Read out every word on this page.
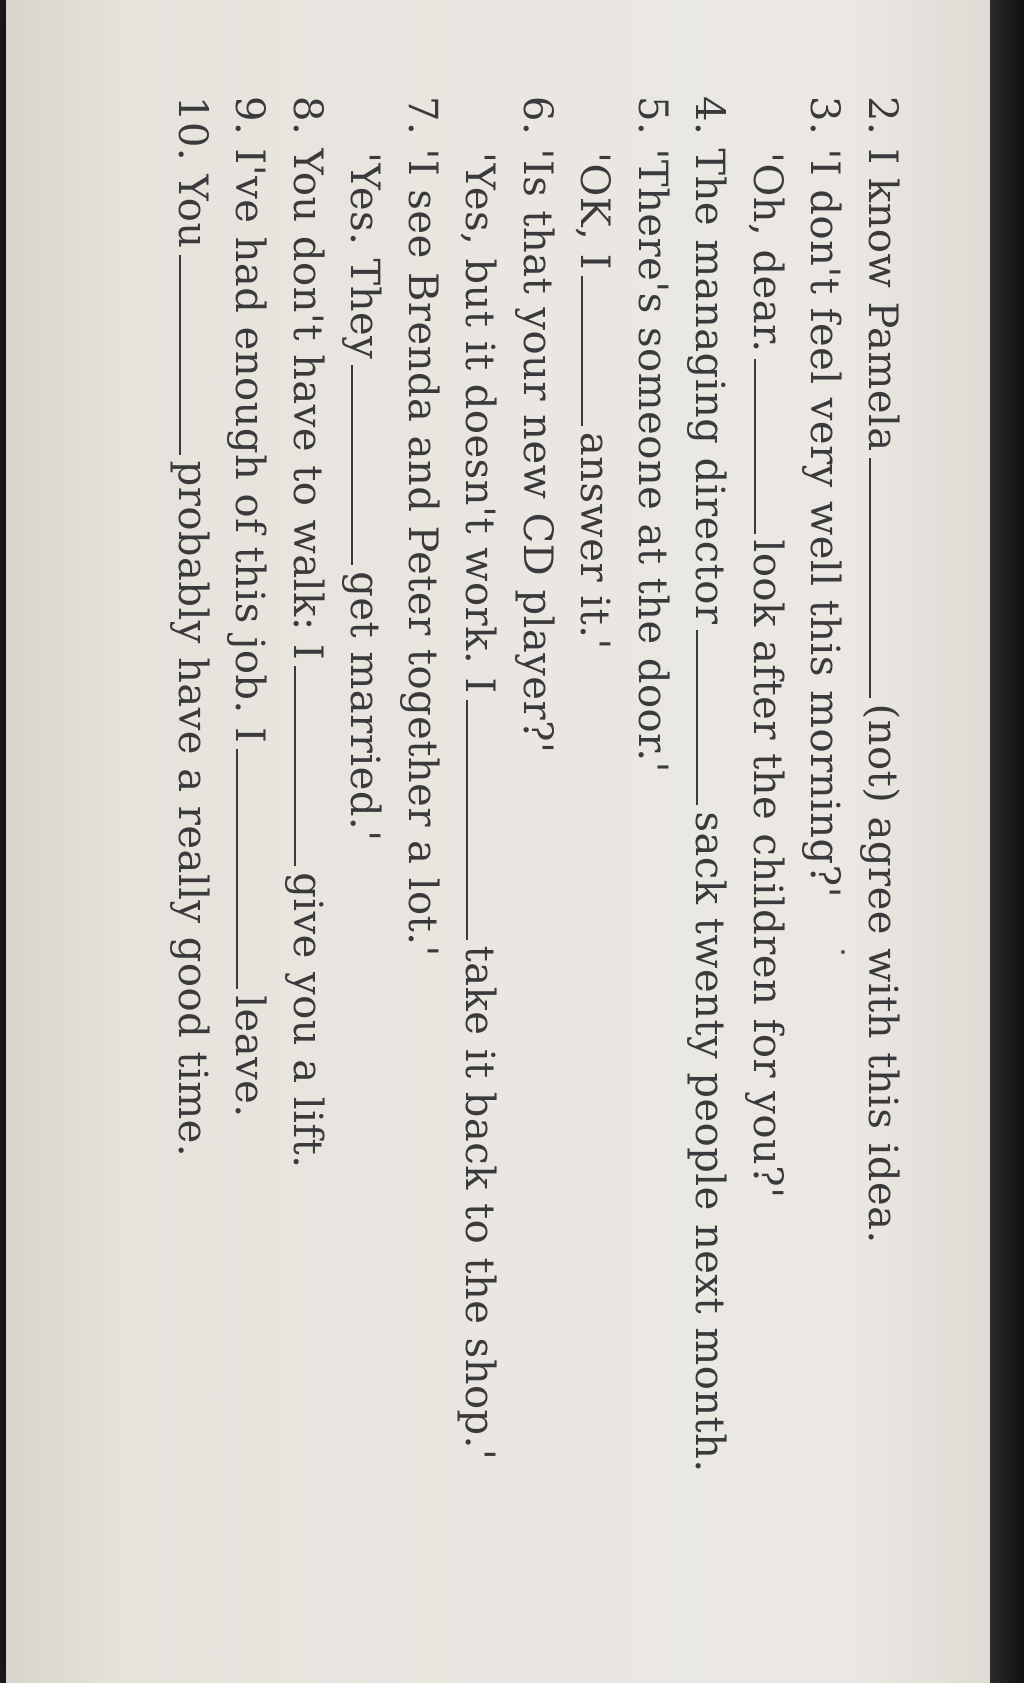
2. I know Pamela(not) agree with this idea.
3. 'I don't feel very well this morning?'
'Oh, dear.look after the children for you?'
4. The managing directorsack twenty people next month.
5. 'There's someone at the door.'
'OK, Ianswer it.'
6. 'Is that your new CD player?'
'Yes, but it doesn't work. Itake it back to the shop.'
7. 'I see Brenda and Peter together a lot.'
'Yes. Theyget married.'
8. You don't have to walk: Igive you a lift.
9. I've had enough of this job. Ileave.
10. Youprobably have a really good time.
